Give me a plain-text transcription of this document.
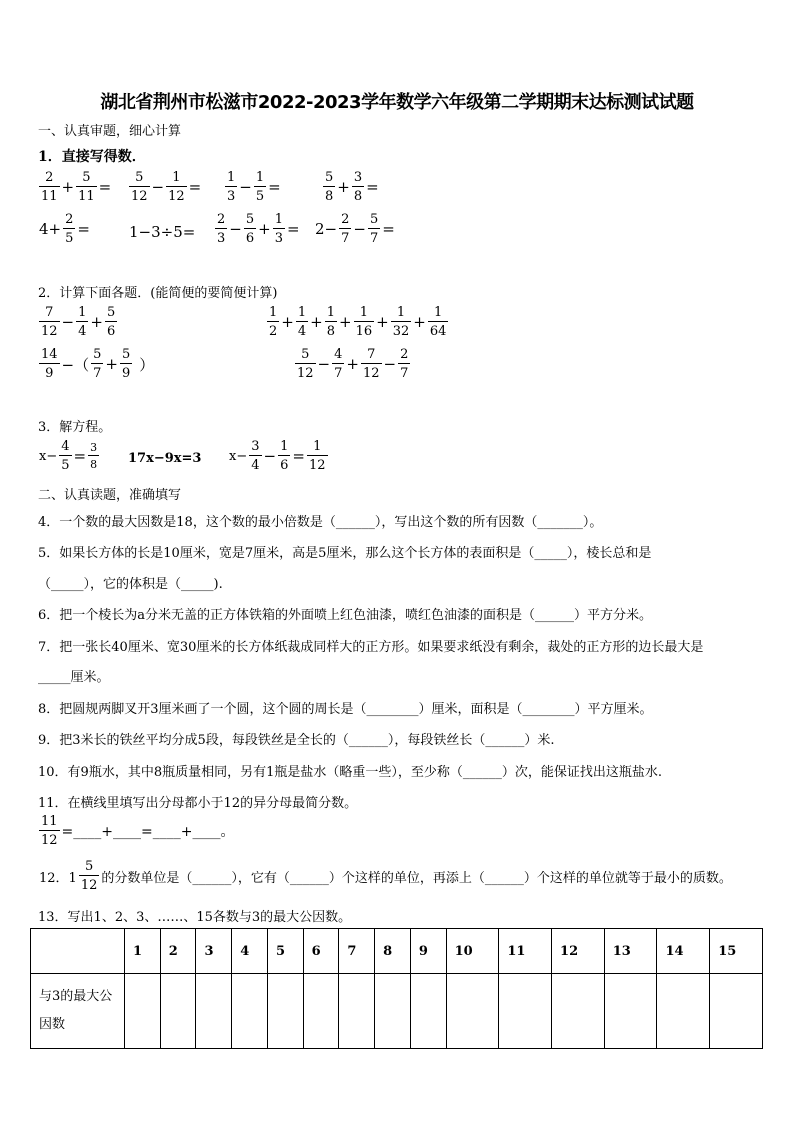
湖北省荆州市松滋市2022-2023学年数学六年级第二学期期末达标测试试题
一、认真审题，细心计算
1．直接写得数．
$\frac{2}{11} + \frac{5}{11} = \frac{5}{12} - \frac{1}{12} = \frac{1}{3} - \frac{1}{5}$ =	$\frac{5}{8} + \frac{3}{8}$ =
$4+ \frac{2}{5}$ =	$1-3\div 5= \frac{2}{3} - \frac{5}{6} + \frac{1}{3} = 2- \frac{2}{7} - \frac{5}{7}$ =
2．计算下面各题．(能简便的要简便计算)
$\frac{7}{12} - \frac{1}{4} + \frac{5}{6}$
$\frac{14}{9}$ −（ $\frac{5}{7} + \frac{5}{9}$ ）
$\frac{1}{2} + \frac{1}{4} + \frac{1}{8} + \frac{1}{16} + \frac{1}{32} + \frac{1}{64}$
$\frac{5}{12} - \frac{4}{7} + \frac{7}{12} - \frac{2}{7}$
3．解方程。
$x- \frac{4}{5} = \frac{3}{8} 17x-9x=3$ $x- \frac{3}{4} - \frac{1}{6} = \frac{1}{12}$
二、认真读题，准确填写
4．一个数的最大因数是18，这个数的最小倍数是（______），写出这个数的所有因数（_______）。
5．如果长方体的长是10厘米，宽是7厘米，高是5厘米，那么这个长方体的表面积是（_____），棱长总和是
（_____），它的体积是（_____).
6．把一个棱长为a分米无盖的正方体铁箱的外面喷上红色油漆，喷红色油漆的面积是（______）平方分米。
7．把一张长40厘米、宽30厘米的长方体纸裁成同样大的正方形。如果要求纸没有剩余，裁处的正方形的边长最大是
_____厘米。
8．把圆规两脚叉开3厘米画了一个圆，这个圆的周长是（________）厘米，面积是（________）平方厘米。
9．把3米长的铁丝平均分成5段，每段铁丝是全长的（______），每段铁丝长（______）米.
10．有9瓶水，其中8瓶质量相同，另有1瓶是盐水（略重一些），至少称（______）次，能保证找出这瓶盐水.
11．在横线里填写出分母都小于12的异分母最简分数。
$\frac{11}{12}$ =____+____=____+____。
12．$1 \frac{5}{12}$ 的分数单位是（______），它有（______）个这样的单位，再添上（______）个这样的单位就等于最小的质数。
13．写出1、2、3、……、15各数与3的最大公因数。
	1	2	3	4	5	6	7	8	9	10	11	12	13	14	15
与3的最大公因数															
